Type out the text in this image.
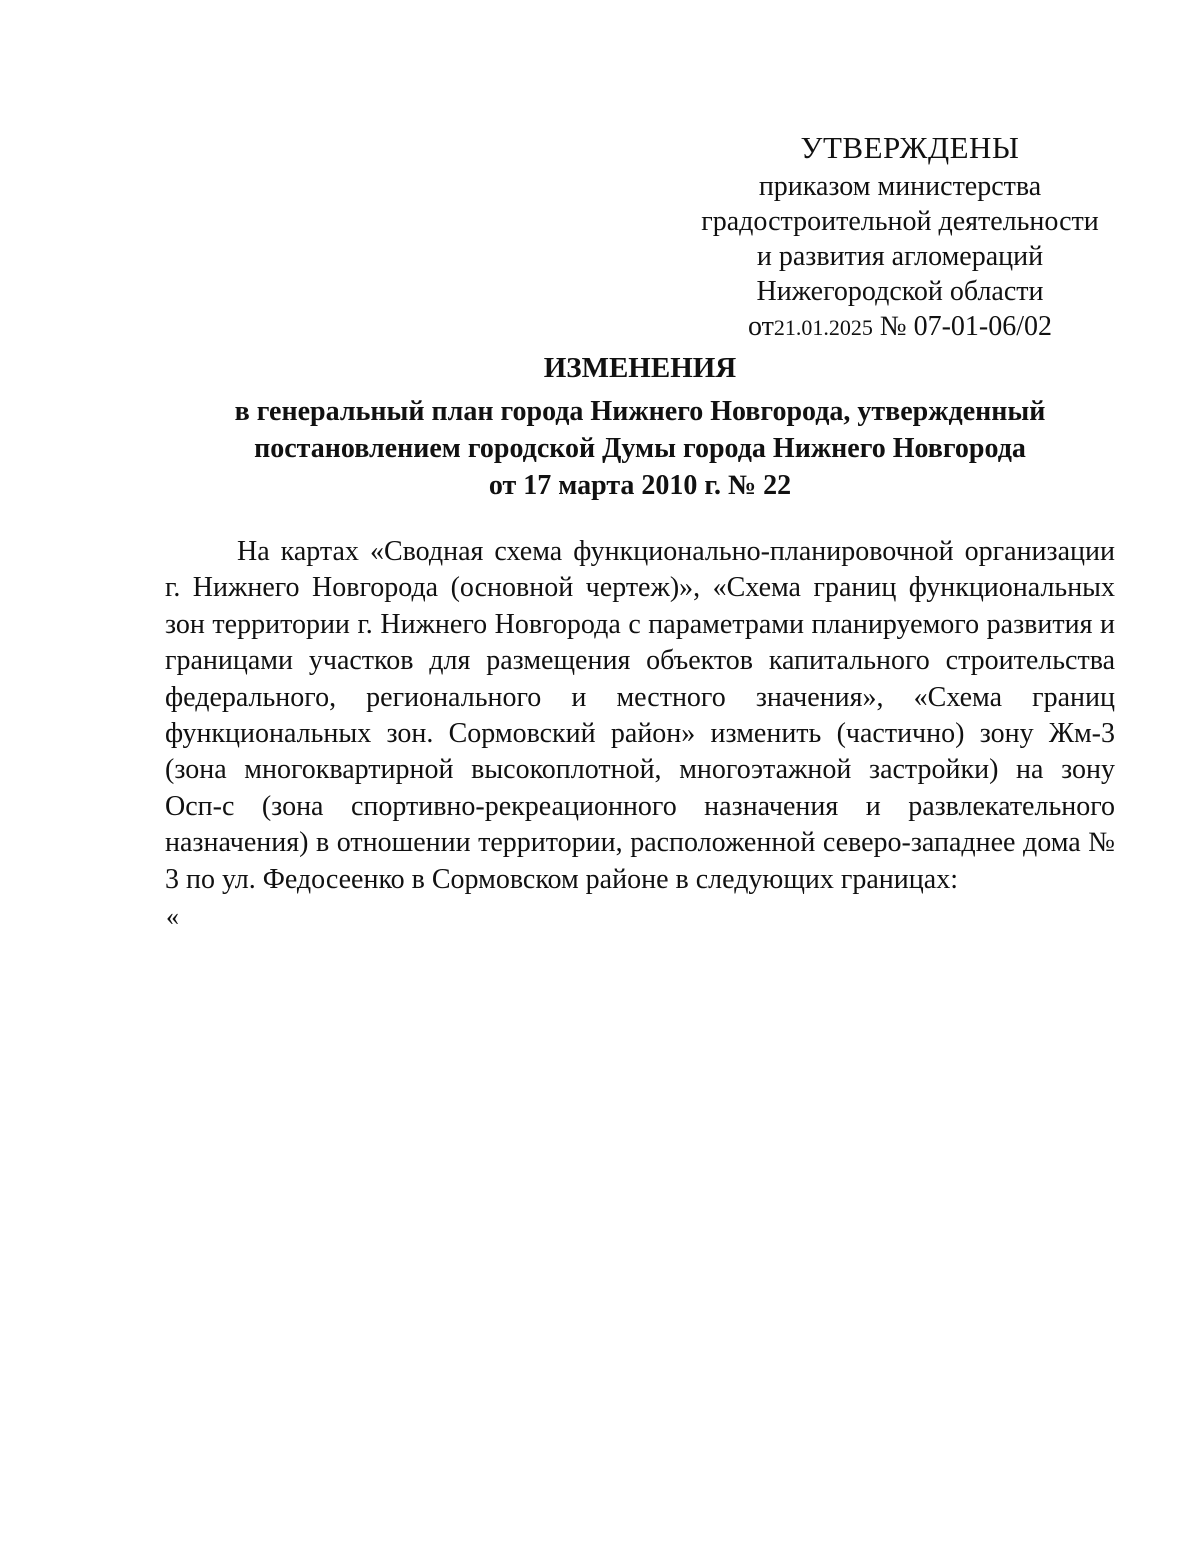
УТВЕРЖДЕНЫ
приказом министерства
градостроительной деятельности
и развития агломераций
Нижегородской области
от21.01.2025 № 07-01-06/02
ИЗМЕНЕНИЯ
в генеральный план города Нижнего Новгорода, утвержденный
постановлением городской Думы города Нижнего Новгорода
от 17 марта 2010 г. № 22

На картах «Сводная схема функционально-планировочной организации г. Нижнего Новгорода (основной чертеж)», «Схема границ функциональных зон территории г. Нижнего Новгорода с параметрами планируемого развития и границами участков для размещения объектов капитального строительства федерального, регионального и местного значения», «Схема границ функциональных зон. Сормовский район» изменить (частично) зону Жм-3 (зона многоквартирной высокоплотной, многоэтажной застройки) на зону Осп-с (зона спортивно-рекреационного назначения и развлекательного назначения) в отношении территории, расположенной северо-западнее дома № 3 по ул. Федосеенко в Сормовском районе в следующих границах:

«
